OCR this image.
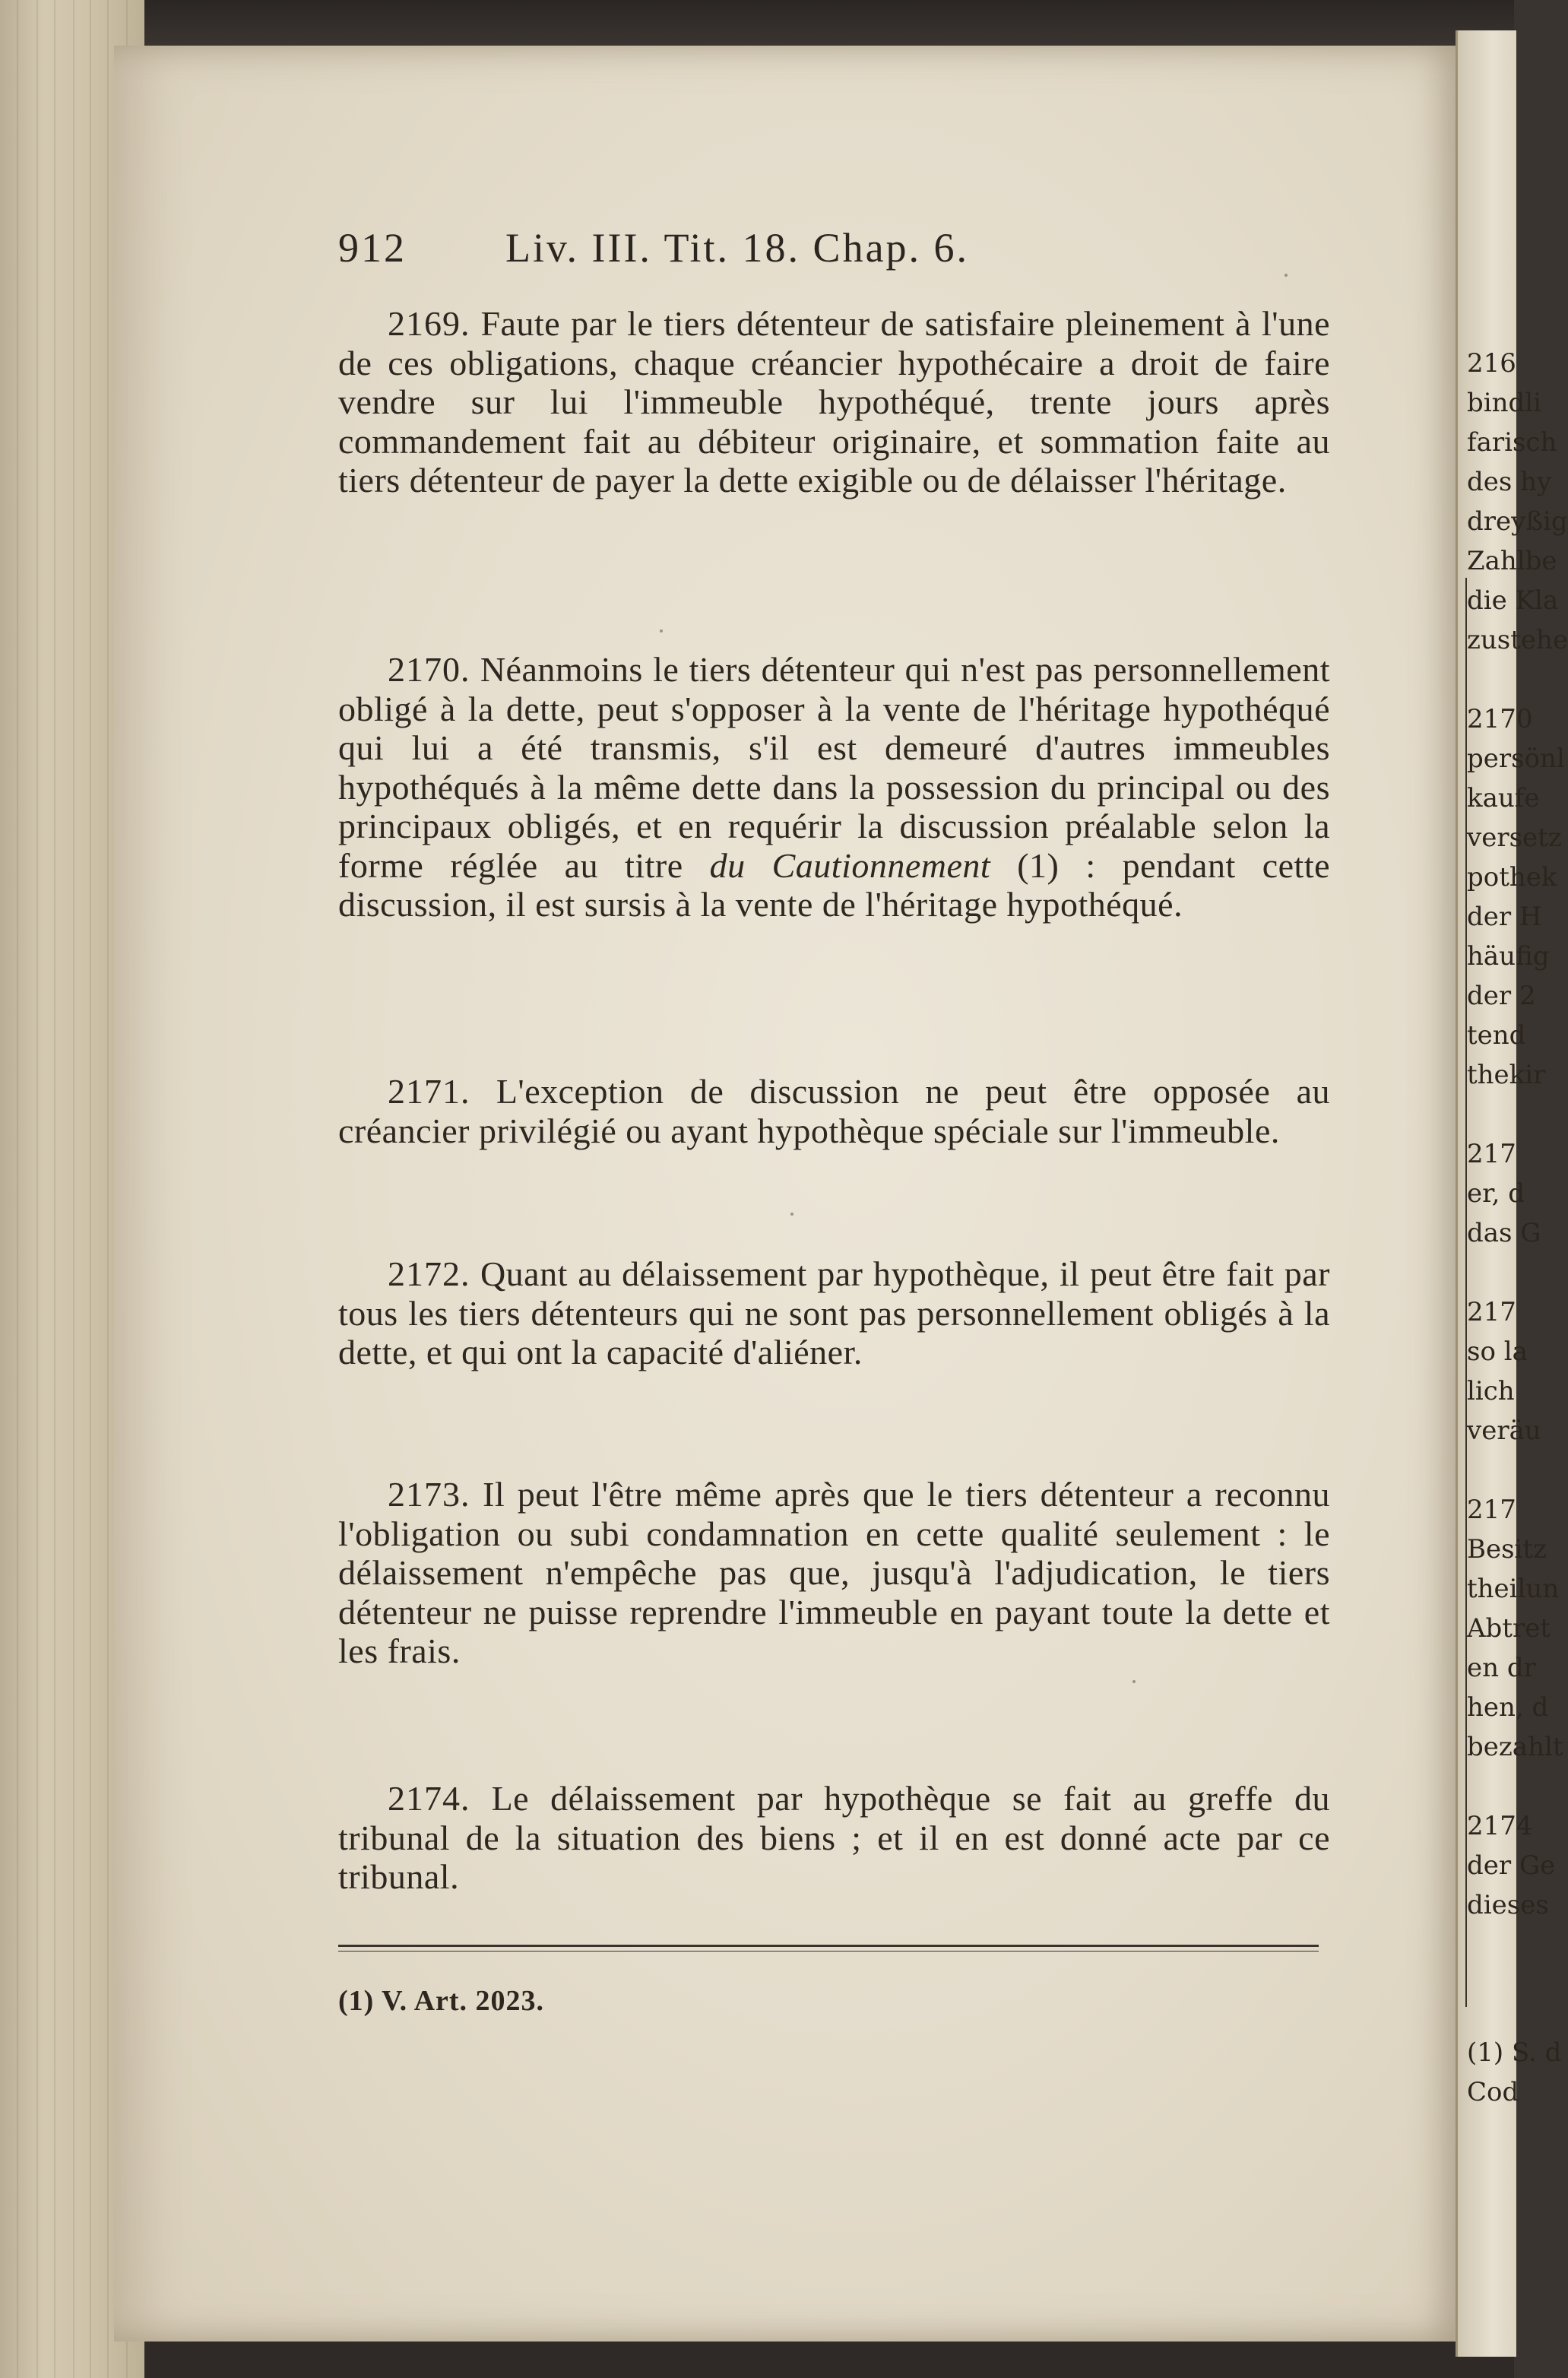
216
bindli
farisch
des hy
dreyßig
Zahlbe
die Kla
zustehe
2170
persönl
kaufe
versetz
pothek
der H
häufig
der 2
tend
thekir
217
er, d
das G
217
so la
lich
veräu
217
Besitz
theilun
Abtret
en dr
hen, d
bezahlt
2174
der Ge
dieses
(1) S. d
Cod
912 Liv. III. Tit. 18. Chap. 6.

2169. Faute par le tiers détenteur de satisfaire pleinement à l'une de ces obligations, chaque créancier hypothécaire a droit de faire vendre sur lui l'immeuble hypothéqué, trente jours après commandement fait au débiteur originaire, et sommation faite au tiers détenteur de payer la dette exigible ou de délaisser l'héritage.

2170. Néanmoins le tiers détenteur qui n'est pas personnellement obligé à la dette, peut s'opposer à la vente de l'héritage hypothéqué qui lui a été transmis, s'il est demeuré d'autres immeubles hypothéqués à la même dette dans la possession du principal ou des principaux obligés, et en requérir la discussion préalable selon la forme réglée au titre du Cautionnement (1) : pendant cette discussion, il est sursis à la vente de l'héritage hypothéqué.

2171. L'exception de discussion ne peut être opposée au créancier privilégié ou ayant hypothèque spéciale sur l'immeuble.

2172. Quant au délaissement par hypothèque, il peut être fait par tous les tiers détenteurs qui ne sont pas personnellement obligés à la dette, et qui ont la capacité d'aliéner.

2173. Il peut l'être même après que le tiers détenteur a reconnu l'obligation ou subi condamnation en cette qualité seulement : le délaissement n'empêche pas que, jusqu'à l'adjudication, le tiers détenteur ne puisse reprendre l'immeuble en payant toute la dette et les frais.

2174. Le délaissement par hypothèque se fait au greffe du tribunal de la situation des biens ; et il en est donné acte par ce tribunal.

(1) V. Art. 2023.
